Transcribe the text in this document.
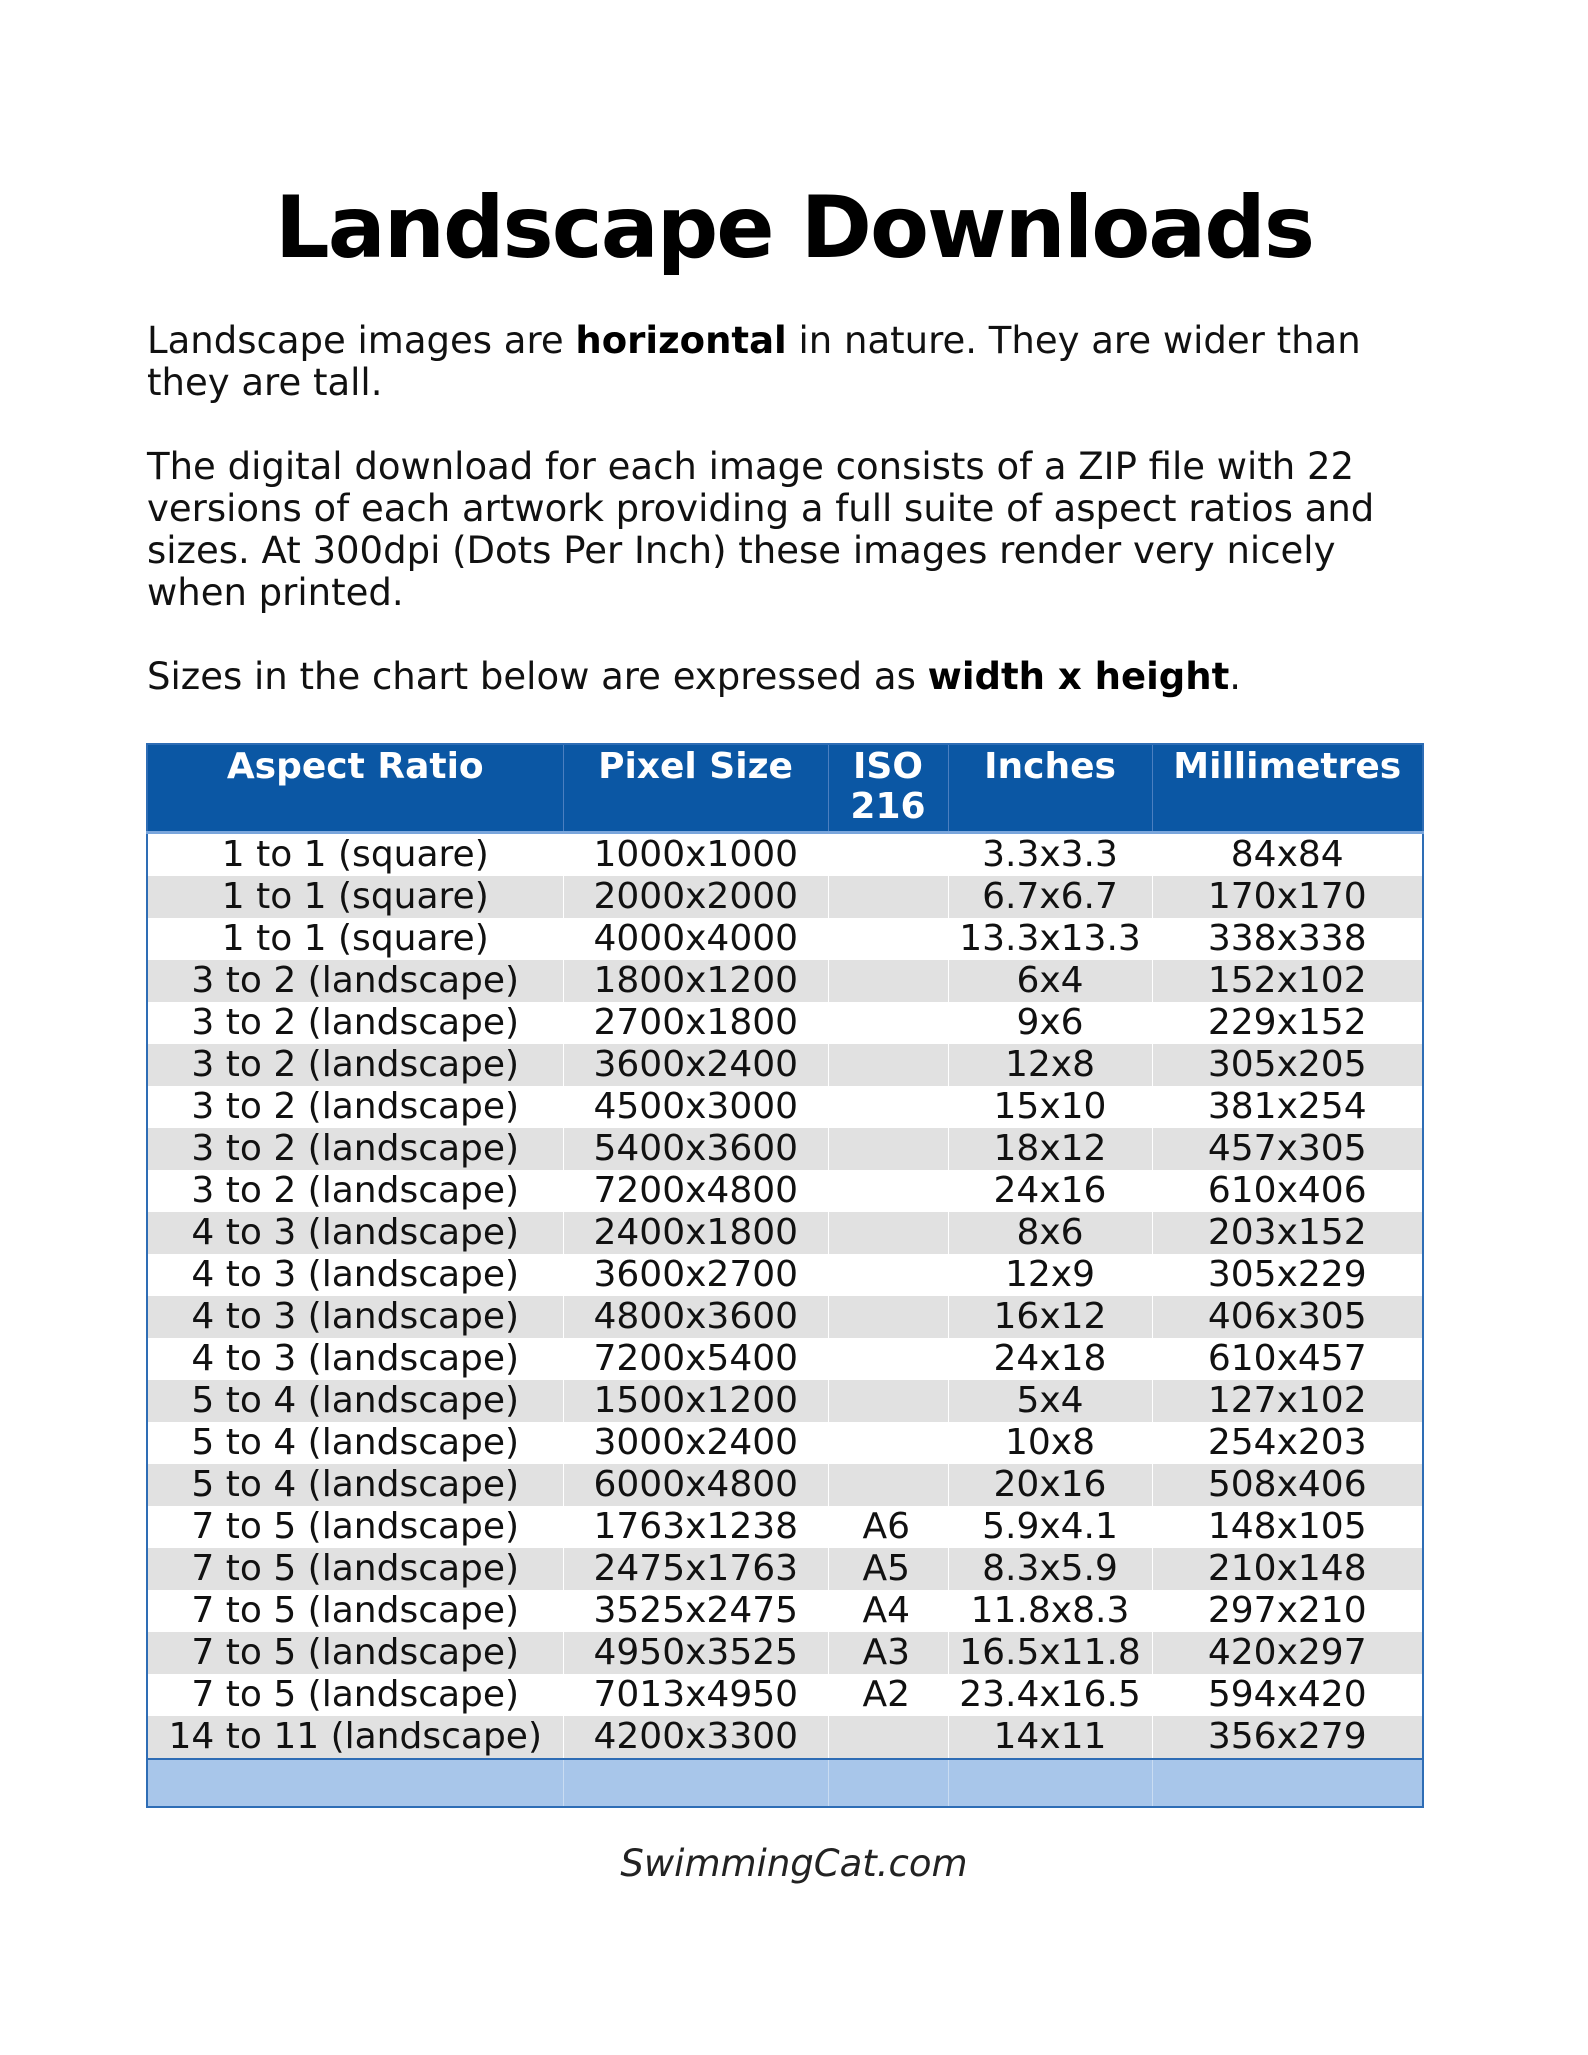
Landscape Downloads
Landscape images are horizontal in nature. They are wider than they are tall.
The digital download for each image consists of a ZIP file with 22 versions of each artwork providing a full suite of aspect ratios and sizes. At 300dpi (Dots Per Inch) these images render very nicely when printed.
Sizes in the chart below are expressed as width x height.
Aspect Ratio	Pixel Size	ISO 216	Inches	Millimetres
1 to 1 (square)	1000x1000		3.3x3.3	84x84
1 to 1 (square)	2000x2000		6.7x6.7	170x170
1 to 1 (square)	4000x4000		13.3x13.3	338x338
3 to 2 (landscape)	1800x1200		6x4	152x102
3 to 2 (landscape)	2700x1800		9x6	229x152
3 to 2 (landscape)	3600x2400		12x8	305x205
3 to 2 (landscape)	4500x3000		15x10	381x254
3 to 2 (landscape)	5400x3600		18x12	457x305
3 to 2 (landscape)	7200x4800		24x16	610x406
4 to 3 (landscape)	2400x1800		8x6	203x152
4 to 3 (landscape)	3600x2700		12x9	305x229
4 to 3 (landscape)	4800x3600		16x12	406x305
4 to 3 (landscape)	7200x5400		24x18	610x457
5 to 4 (landscape)	1500x1200		5x4	127x102
5 to 4 (landscape)	3000x2400		10x8	254x203
5 to 4 (landscape)	6000x4800		20x16	508x406
7 to 5 (landscape)	1763x1238	A6	5.9x4.1	148x105
7 to 5 (landscape)	2475x1763	A5	8.3x5.9	210x148
7 to 5 (landscape)	3525x2475	A4	11.8x8.3	297x210
7 to 5 (landscape)	4950x3525	A3	16.5x11.8	420x297
7 to 5 (landscape)	7013x4950	A2	23.4x16.5	594x420
14 to 11 (landscape)	4200x3300		14x11	356x279

SwimmingCat.com
